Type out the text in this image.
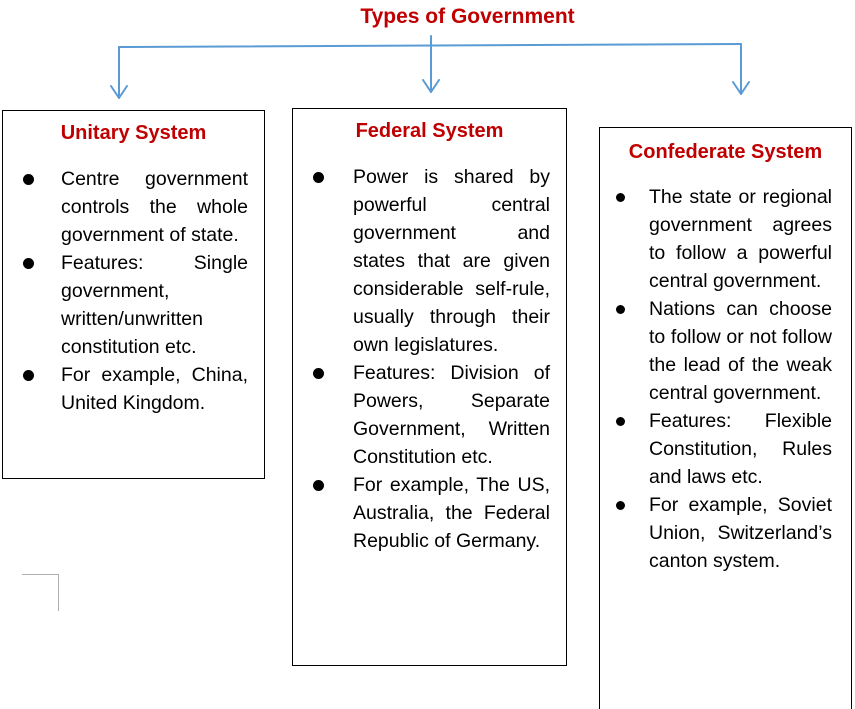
Types of Government
Unitary System
Centre government controls the whole government of state.
Features: Single government, written/unwritten constitution etc.
For example, China, United Kingdom.
Federal System
Power is shared by powerful central government and states that are given considerable self-rule, usually through their own legislatures.
Features: Division of Powers, Separate Government, Written Constitution etc.
For example, The US, Australia, the Federal Republic of Germany.
Confederate System
The state or regional government agrees to follow a powerful central government.
Nations can choose to follow or not follow the lead of the weak central government.
Features: Flexible Constitution, Rules and laws etc.
For example, Soviet Union, Switzerland’s canton system.
